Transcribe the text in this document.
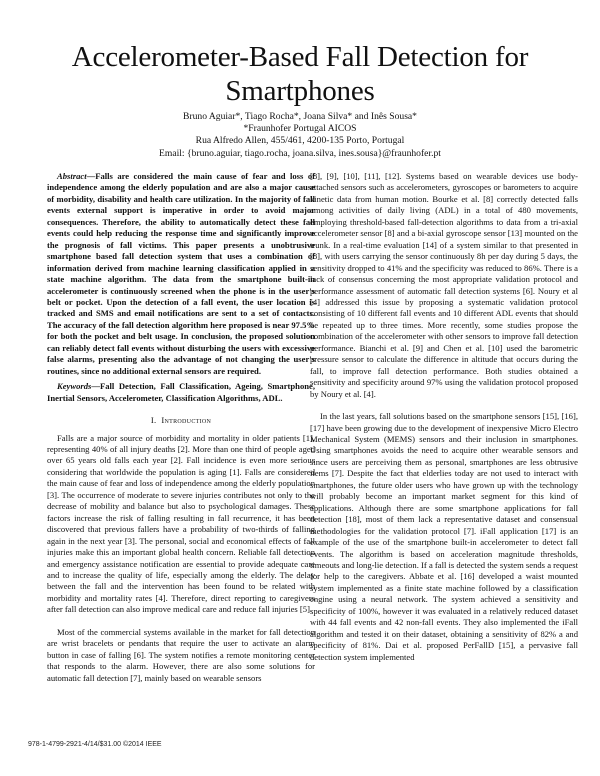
Accelerometer-Based Fall Detection for Smartphones
Bruno Aguiar*, Tiago Rocha*, Joana Silva* and Inês Sousa*
*Fraunhofer Portugal AICOS
Rua Alfredo Allen, 455/461, 4200-135 Porto, Portugal
Email: {bruno.aguiar, tiago.rocha, joana.silva, ines.sousa}@fraunhofer.pt

Abstract—Falls are considered the main cause of fear and loss of independence among the elderly population and are also a major cause of morbidity, disability and health care utilization. In the majority of fall events external support is imperative in order to avoid major consequences. Therefore, the ability to automatically detect these fall events could help reducing the response time and significantly improve the prognosis of fall victims. This paper presents a unobtrusive smartphone based fall detection system that uses a combination of information derived from machine learning classification applied in a state machine algorithm. The data from the smartphone built-in accelerometer is continuously screened when the phone is in the user's belt or pocket. Upon the detection of a fall event, the user location is tracked and SMS and email notifications are sent to a set of contacts. The accuracy of the fall detection algorithm here proposed is near 97.5% for both the pocket and belt usage. In conclusion, the proposed solution can reliably detect fall events without disturbing the users with excessive false alarms, presenting also the advantage of not changing the user's routines, since no additional external sensors are required.

Keywords—Fall Detection, Fall Classification, Ageing, Smartphone, Inertial Sensors, Accelerometer, Classification Algorithms, ADL.

I. Introduction

Falls are a major source of morbidity and mortality in older patients [1], representing 40% of all injury deaths [2]. More than one third of people aged over 65 years old falls each year [2]. Fall incidence is even more serious considering that worldwide the population is aging [1]. Falls are considered the main cause of fear and loss of independence among the elderly population [3]. The occurrence of moderate to severe injuries contributes not only to the decrease of mobility and balance but also to psychological damages. These factors increase the risk of falling resulting in fall recurrence, it has been discovered that previous fallers have a probability of two-thirds of falling again in the next year [3]. The personal, social and economical effects of fall injuries make this an important global health concern. Reliable fall detection and emergency assistance notification are essential to provide adequate care and to increase the quality of life, especially among the elderly. The delay between the fall and the intervention has been found to be related with morbidity and mortality rates [4]. Therefore, direct reporting to caregivers after fall detection can also improve medical care and reduce fall injuries [5].

Most of the commercial systems available in the market for fall detection are wrist bracelets or pendants that require the user to activate an alarm button in case of falling [6]. The system notifies a remote monitoring center that responds to the alarm. However, there are also some solutions for automatic fall detection [7], mainly based on wearable sensors

[8], [9], [10], [11], [12]. Systems based on wearable devices use body-attached sensors such as accelerometers, gyroscopes or barometers to acquire kinetic data from human motion. Bourke et al. [8] correctly detected falls among activities of daily living (ADL) in a total of 480 movements, employing threshold-based fall-detection algorithms to data from a tri-axial accelerometer sensor [8] and a bi-axial gyroscope sensor [13] mounted on the trunk. In a real-time evaluation [14] of a system similar to that presented in [8], with users carrying the sensor continuously 8h per day during 5 days, the sensitivity dropped to 41% and the specificity was reduced to 86%. There is a lack of consensus concerning the most appropriate validation protocol and performance assessment of automatic fall detection systems [6]. Noury et al [4] addressed this issue by proposing a systematic validation protocol consisting of 10 different fall events and 10 different ADL events that should be repeated up to three times. More recently, some studies propose the combination of the accelerometer with other sensors to improve fall detection performance. Bianchi et al. [9] and Chen et al. [10] used the barometric pressure sensor to calculate the difference in altitude that occurs during the fall, to improve fall detection performance. Both studies obtained a sensitivity and specificity around 97% using the validation protocol proposed by Noury et al. [4].

In the last years, fall solutions based on the smartphone sensors [15], [16], [17] have been growing due to the development of inexpensive Micro Electro Mechanical System (MEMS) sensors and their inclusion in smartphones. Using smartphones avoids the need to acquire other wearable sensors and since users are perceiving them as personal, smartphones are less obtrusive items [7]. Despite the fact that elderlies today are not used to interact with smartphones, the future older users who have grown up with the technology will probably become an important market segment for this kind of applications. Although there are some smartphone applications for fall detection [18], most of them lack a representative dataset and consensual methodologies for the validation protocol [7]. iFall application [17] is an example of the use of the smartphone built-in accelerometer to detect fall events. The algorithm is based on acceleration magnitude thresholds, timeouts and long-lie detection. If a fall is detected the system sends a request for help to the caregivers. Abbate et al. [16] developed a waist mounted system implemented as a finite state machine followed by a classification engine using a neural network. The system achieved a sensitivity and specificity of 100%, however it was evaluated in a relatively reduced dataset with 44 fall events and 42 non-fall events. They also implemented the iFall algorithm and tested it on their dataset, obtaining a sensitivity of 82% a and specificity of 81%. Dai et al. proposed PerFallD [15], a pervasive fall detection system implemented

978-1-4799-2921-4/14/$31.00 ©2014 IEEE
